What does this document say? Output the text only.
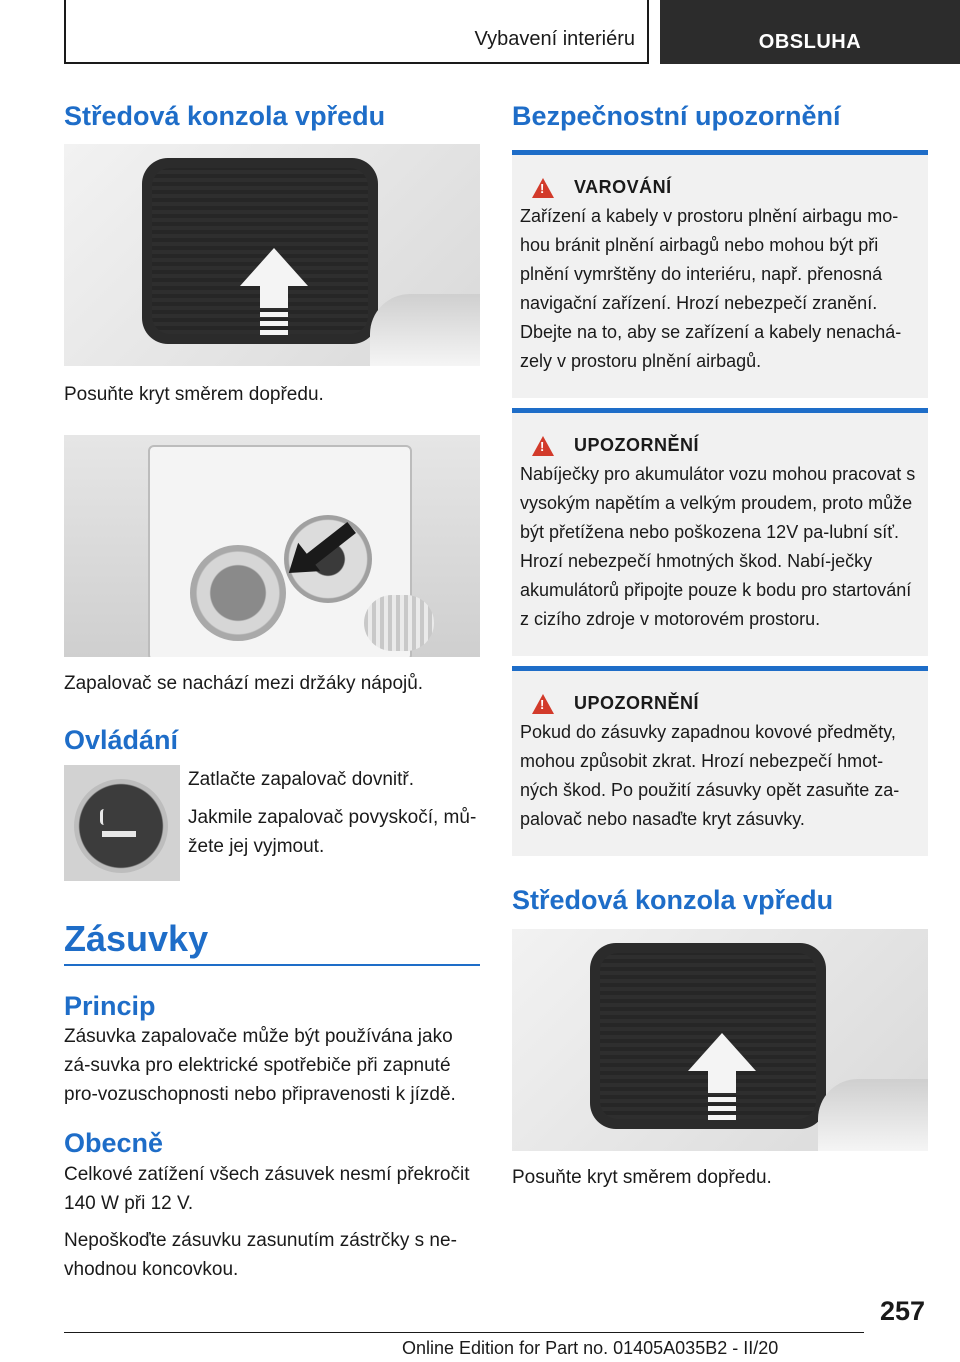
Vybavení interiéru	OBSLUHA
Středová konzola vpředu

Posuňte kryt směrem dopředu.

Zapalovač se nachází mezi držáky nápojů.

Ovládání

Zatlačte zapalovač dovnitř.

Jakmile zapalovač povyskočí, mů‐žete jej vyjmout.

Zásuvky
Princip

Zásuvka zapalovače může být používána jako zá‐suvka pro elektrické spotřebiče při zapnuté pro‐vozuschopnosti nebo připravenosti k jízdě.

Obecně

Celkové zatížení všech zásuvek nesmí překročit 140 W při 12 V.

Nepoškoďte zásuvku zasunutím zástrčky s ne‐vhodnou koncovkou.

Bezpečnostní upozornění
!
VAROVÁNÍ

Zařízení a kabely v prostoru plnění airbagu mo‐hou bránit plnění airbagů nebo mohou být při plnění vymrštěny do interiéru, např. přenosná navigační zařízení. Hrozí nebezpečí zranění. Dbejte na to, aby se zařízení a kabely nenachá‐zely v prostoru plnění airbagů.

!
UPOZORNĚNÍ

Nabíječky pro akumulátor vozu mohou pracovat s vysokým napětím a velkým proudem, proto může být přetížena nebo poškozena 12V pa‐lubní síť. Hrozí nebezpečí hmotných škod. Nabí‐ječky akumulátorů připojte pouze k bodu pro startování z cizího zdroje v motorovém prostoru.

!
UPOZORNĚNÍ

Pokud do zásuvky zapadnou kovové předměty, mohou způsobit zkrat. Hrozí nebezpečí hmot‐ných škod. Po použití zásuvky opět zasuňte za‐palovač nebo nasaďte kryt zásuvky.

Středová konzola vpředu

Posuňte kryt směrem dopředu.

257
Online Edition for Part no. 01405A035B2 - II/20
